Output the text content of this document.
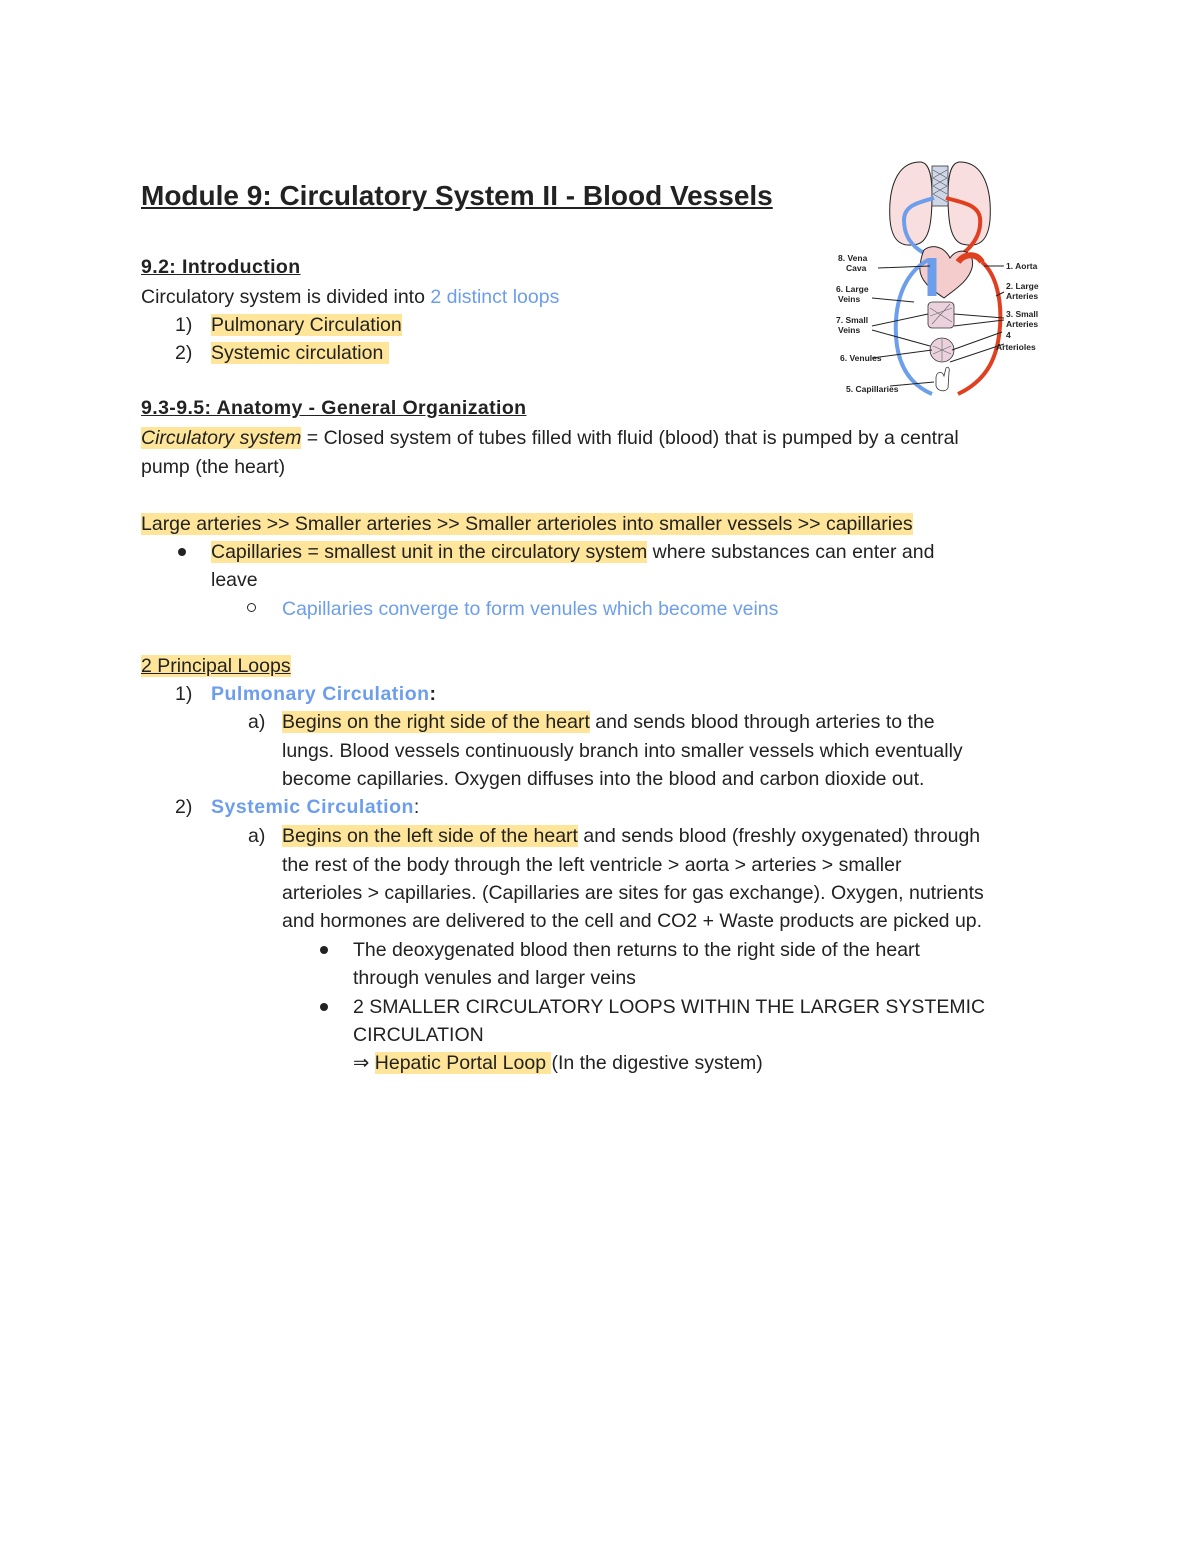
Module 9: Circulatory System II - Blood Vessels
9.2: Introduction
Circulatory system is divided into 2 distinct loops
1) Pulmonary Circulation
2) Systemic circulation
9.3-9.5: Anatomy - General Organization
Circulatory system = Closed system of tubes filled with fluid (blood) that is pumped by a central
pump (the heart)
Large arteries >> Smaller arteries >> Smaller arterioles into smaller vessels >> capillaries
Capillaries = smallest unit in the circulatory system where substances can enter and
leave
Capillaries converge to form venules which become veins
2 Principal Loops
1) Pulmonary Circulation:
a) Begins on the right side of the heart and sends blood through arteries to the
lungs. Blood vessels continuously branch into smaller vessels which eventually
become capillaries. Oxygen diffuses into the blood and carbon dioxide out.
2) Systemic Circulation:
a) Begins on the left side of the heart and sends blood (freshly oxygenated) through
the rest of the body through the left ventricle > aorta > arteries > smaller
arterioles > capillaries. (Capillaries are sites for gas exchange). Oxygen, nutrients
and hormones are delivered to the cell and CO2 + Waste products are picked up.
The deoxygenated blood then returns to the right side of the heart
through venules and larger veins
2 SMALLER CIRCULATORY LOOPS WITHIN THE LARGER SYSTEMIC
CIRCULATION
⇒ Hepatic Portal Loop (In the digestive system)
8. Vena
Cava
6. Large
Veins
7. Small
Veins
6. Venules
5. Capillaries
1. Aorta
2. Large
Arteries
3. Small
Arteries
4
Arterioles
